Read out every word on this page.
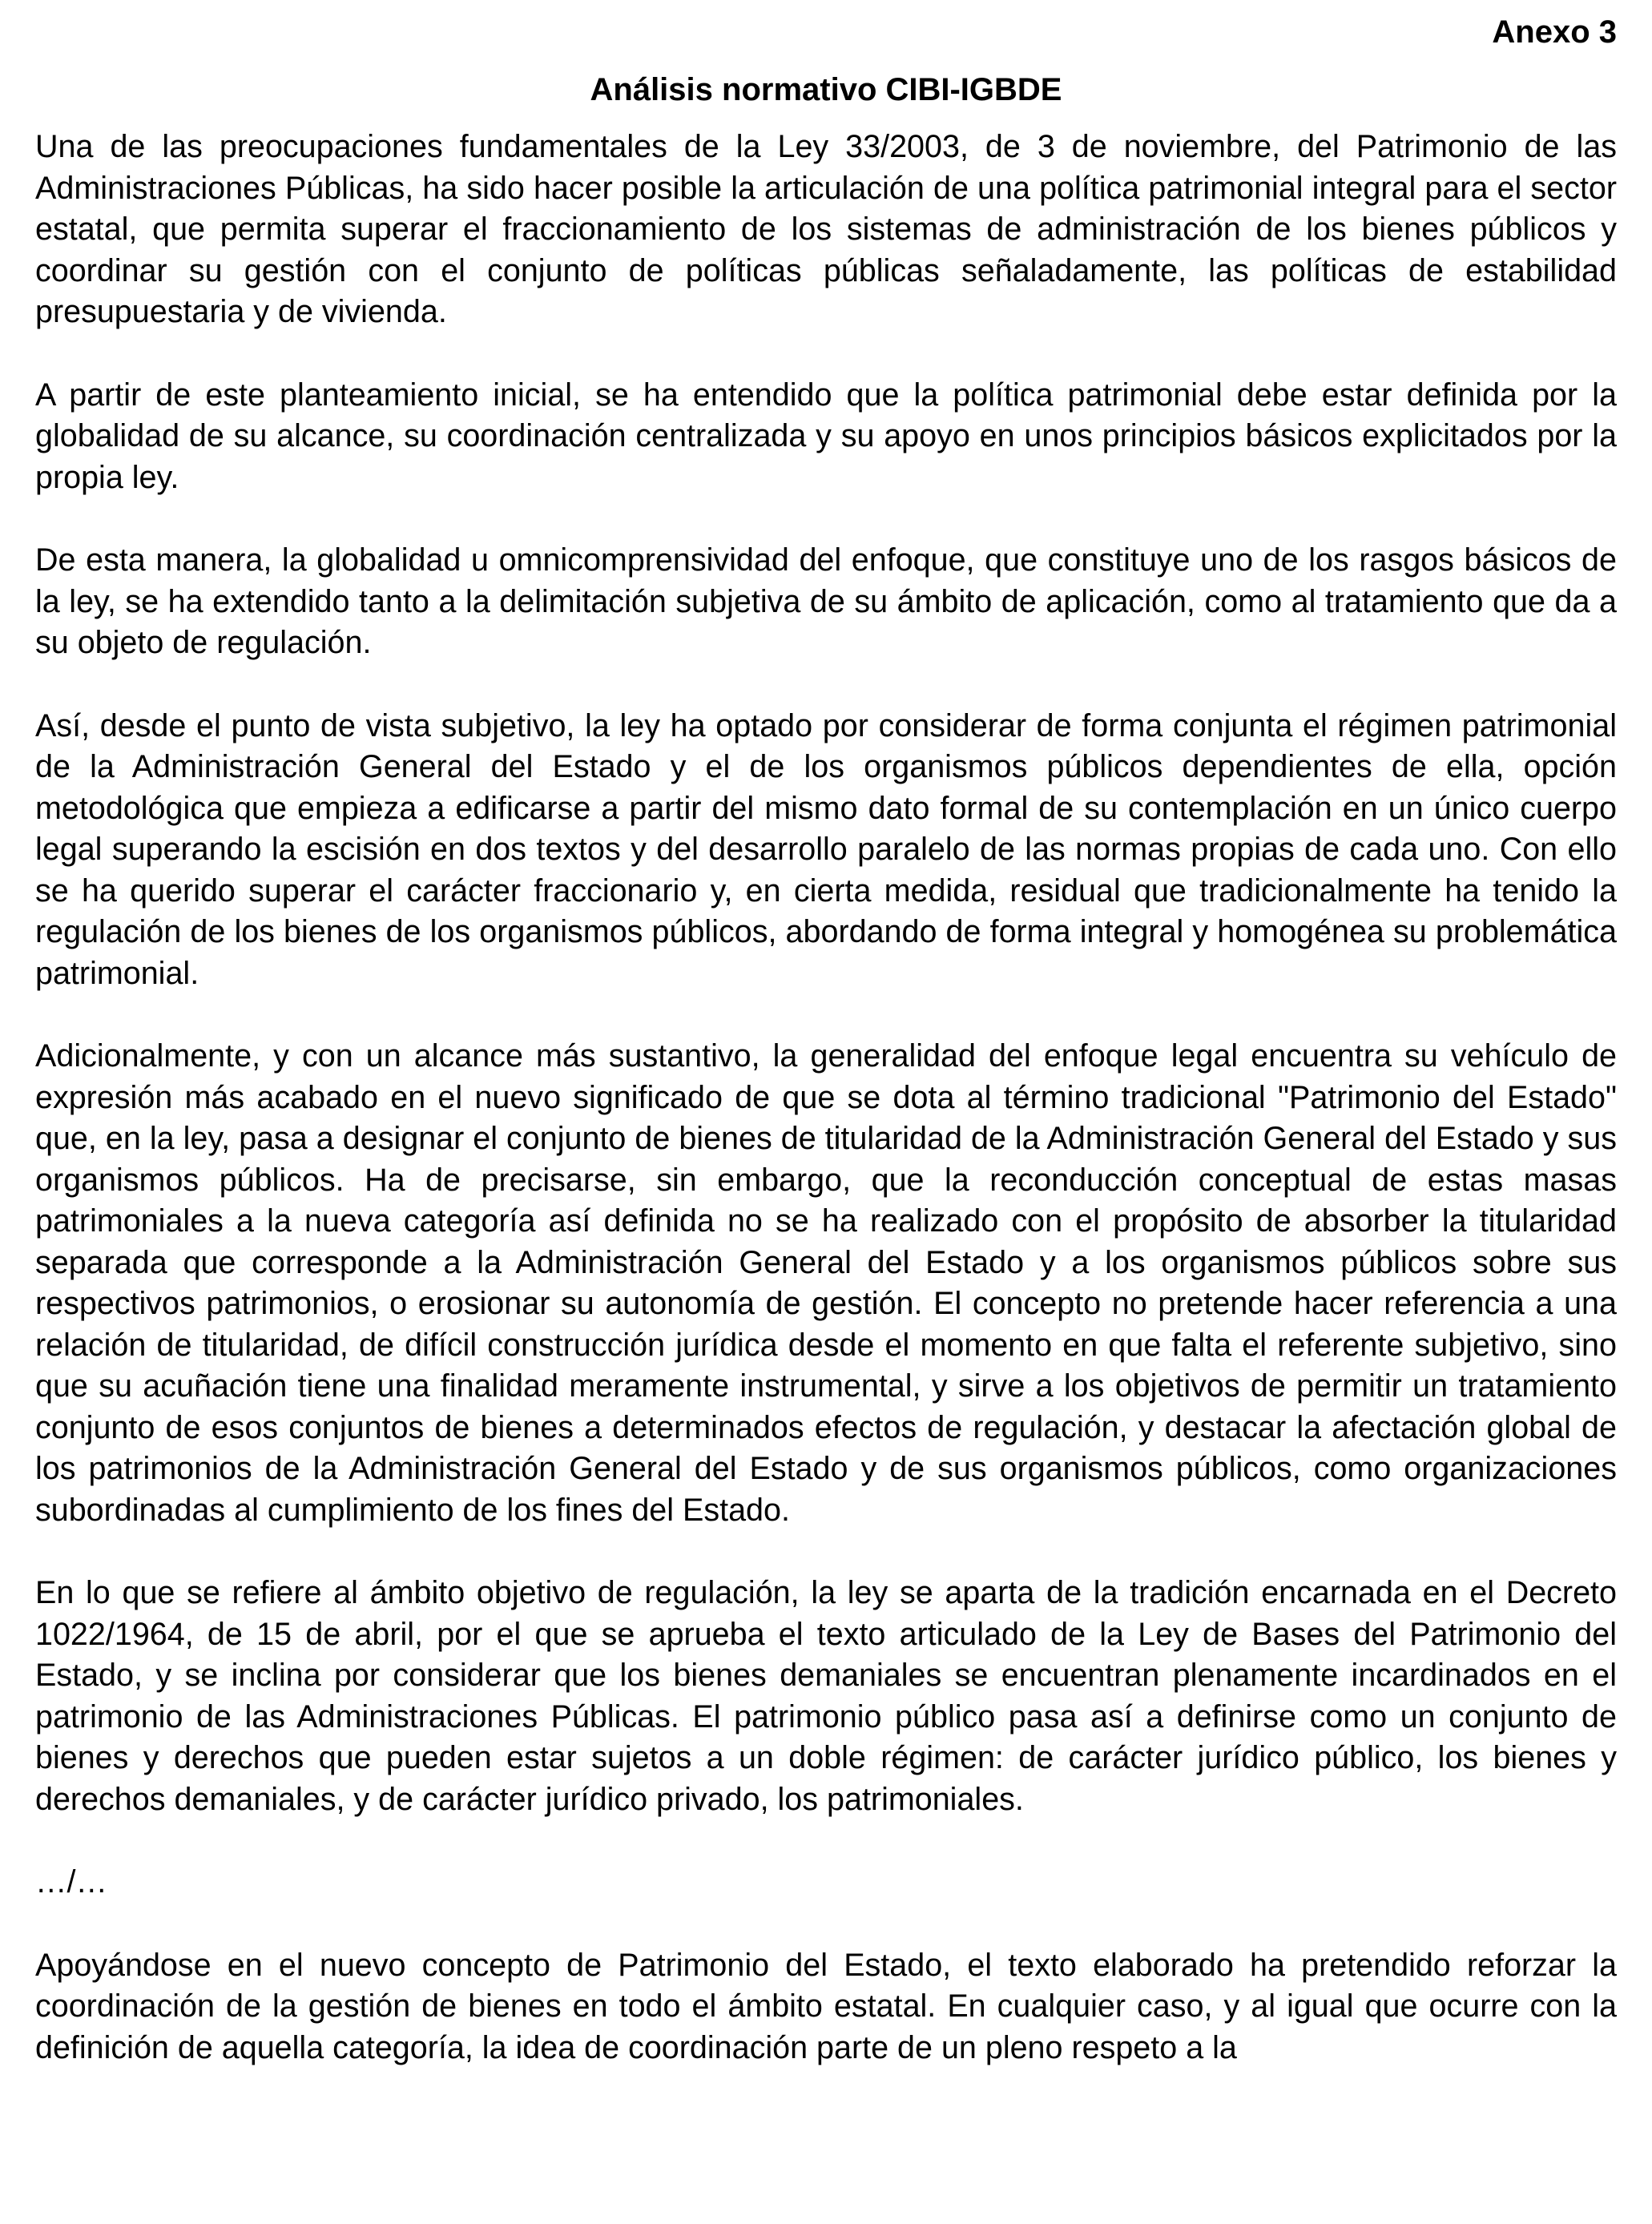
Anexo 3

Análisis normativo CIBI-IGBDE

Una de las preocupaciones fundamentales de la Ley 33/2003, de 3 de noviembre, del Patrimonio de las Administraciones Públicas, ha sido hacer posible la articulación de una política patrimonial integral para el sector estatal, que permita superar el fraccionamiento de los sistemas de administración de los bienes públicos y coordinar su gestión con el conjunto de políticas públicas señaladamente, las políticas de estabilidad presupuestaria y de vivienda.

A partir de este planteamiento inicial, se ha entendido que la política patrimonial debe estar definida por la globalidad de su alcance, su coordinación centralizada y su apoyo en unos principios básicos explicitados por la propia ley.

De esta manera, la globalidad u omnicomprensividad del enfoque, que constituye uno de los rasgos básicos de la ley, se ha extendido tanto a la delimitación subjetiva de su ámbito de aplicación, como al tratamiento que da a su objeto de regulación.

Así, desde el punto de vista subjetivo, la ley ha optado por considerar de forma conjunta el régimen patrimonial de la Administración General del Estado y el de los organismos públicos dependientes de ella, opción metodológica que empieza a edificarse a partir del mismo dato formal de su contemplación en un único cuerpo legal superando la escisión en dos textos y del desarrollo paralelo de las normas propias de cada uno. Con ello se ha querido superar el carácter fraccionario y, en cierta medida, residual que tradicionalmente ha tenido la regulación de los bienes de los organismos públicos, abordando de forma integral y homogénea su problemática patrimonial.

Adicionalmente, y con un alcance más sustantivo, la generalidad del enfoque legal encuentra su vehículo de expresión más acabado en el nuevo significado de que se dota al término tradicional "Patrimonio del Estado" que, en la ley, pasa a designar el conjunto de bienes de titularidad de la Administración General del Estado y sus organismos públicos. Ha de precisarse, sin embargo, que la reconducción conceptual de estas masas patrimoniales a la nueva categoría así definida no se ha realizado con el propósito de absorber la titularidad separada que corresponde a la Administración General del Estado y a los organismos públicos sobre sus respectivos patrimonios, o erosionar su autonomía de gestión. El concepto no pretende hacer referencia a una relación de titularidad, de difícil construcción jurídica desde el momento en que falta el referente subjetivo, sino que su acuñación tiene una finalidad meramente instrumental, y sirve a los objetivos de permitir un tratamiento conjunto de esos conjuntos de bienes a determinados efectos de regulación, y destacar la afectación global de los patrimonios de la Administración General del Estado y de sus organismos públicos, como organizaciones subordinadas al cumplimiento de los fines del Estado.

En lo que se refiere al ámbito objetivo de regulación, la ley se aparta de la tradición encarnada en el Decreto 1022/1964, de 15 de abril, por el que se aprueba el texto articulado de la Ley de Bases del Patrimonio del Estado, y se inclina por considerar que los bienes demaniales se encuentran plenamente incardinados en el patrimonio de las Administraciones Públicas. El patrimonio público pasa así a definirse como un conjunto de bienes y derechos que pueden estar sujetos a un doble régimen: de carácter jurídico público, los bienes y derechos demaniales, y de carácter jurídico privado, los patrimoniales.

…/…

Apoyándose en el nuevo concepto de Patrimonio del Estado, el texto elaborado ha pretendido reforzar la coordinación de la gestión de bienes en todo el ámbito estatal. En cualquier caso, y al igual que ocurre con la definición de aquella categoría, la idea de coordinación parte de un pleno respeto a la
